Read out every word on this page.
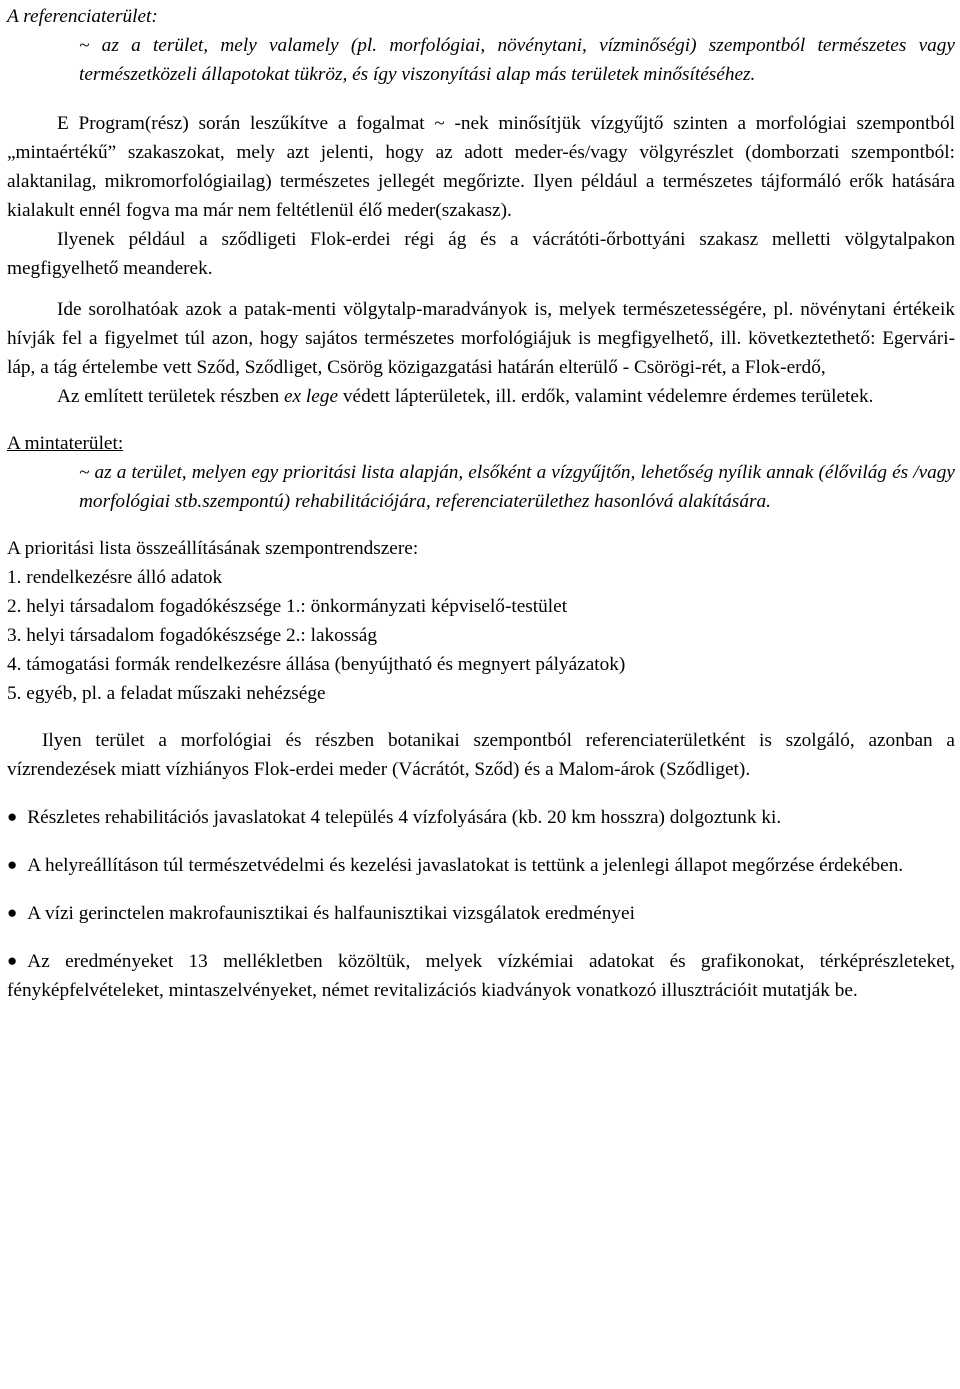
A referenciaterület:

~ az a terület, mely valamely (pl. morfológiai, növénytani, vízminőségi) szempontból természetes vagy természetközeli állapotokat tükröz, és így viszonyítási alap más területek minősítéséhez.

E Program(rész) során leszűkítve a fogalmat ~ -nek minősítjük vízgyűjtő szinten a morfológiai szempontból „mintaértékű” szakaszokat, mely azt jelenti, hogy az adott meder-és/vagy völgyrészlet (domborzati szempontból: alaktanilag, mikromorfológiailag) természetes jellegét megőrizte. Ilyen például a természetes tájformáló erők hatására kialakult ennél fogva ma már nem feltétlenül élő meder(szakasz).

Ilyenek például a sződligeti Flok-erdei régi ág és a vácrátóti-őrbottyáni szakasz melletti völgytalpakon megfigyelhető meanderek.

Ide sorolhatóak azok a patak-menti völgytalp-maradványok is, melyek természetességére, pl. növénytani értékeik hívják fel a figyelmet túl azon, hogy sajátos természetes morfológiájuk is megfigyelhető, ill. következtethető: Egervári-láp, a tág értelembe vett Sződ, Sződliget, Csörög közigazgatási határán elterülő - Csörögi-rét, a Flok-erdő,

Az említett területek részben ex lege védett lápterületek, ill. erdők, valamint védelemre érdemes területek.

A mintaterület:

~ az a terület, melyen egy prioritási lista alapján, elsőként a vízgyűjtőn, lehetőség nyílik annak (élővilág és /vagy morfológiai stb.szempontú) rehabilitációjára, referenciaterülethez hasonlóvá alakítására.

A prioritási lista összeállításának szempontrendszere:

1. rendelkezésre álló adatok

2. helyi társadalom fogadókészsége 1.: önkormányzati képviselő-testület

3. helyi társadalom fogadókészsége 2.: lakosság

4. támogatási formák rendelkezésre állása (benyújtható és megnyert pályázatok)

5. egyéb, pl. a feladat műszaki nehézsége

Ilyen terület a morfológiai és részben botanikai szempontból referenciaterületként is szolgáló, azonban a vízrendezések miatt vízhiányos Flok-erdei meder (Vácrátót, Sződ) és a Malom-árok (Sződliget).

● Részletes rehabilitációs javaslatokat 4 település 4 vízfolyására (kb. 20 km hosszra) dolgoztunk ki.

● A helyreállításon túl természetvédelmi és kezelési javaslatokat is tettünk a jelenlegi állapot megőrzése érdekében.

● A vízi gerinctelen makrofaunisztikai és halfaunisztikai vizsgálatok eredményei

● Az eredményeket 13 mellékletben közöltük, melyek vízkémiai adatokat és grafikonokat, térképrészleteket, fényképfelvételeket, mintaszelvényeket, német revitalizációs kiadványok vonatkozó illusztrációit mutatják be.
